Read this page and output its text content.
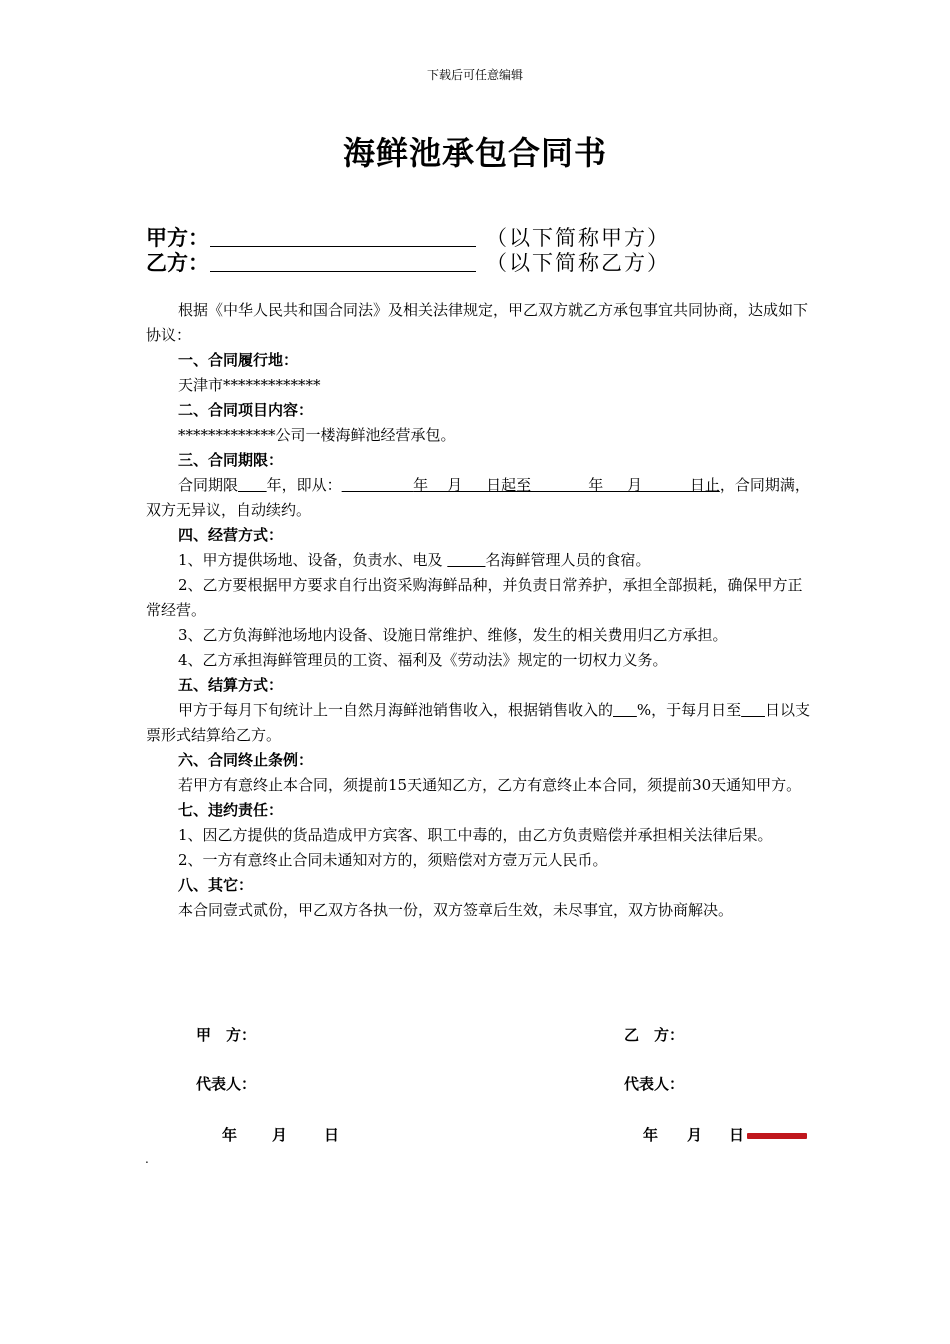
下载后可任意编辑
海鲜池承包合同书
甲方：	（以下简称甲方）
乙方：	（以下简称乙方）

根据《中华人民共和国合同法》及相关法律规定，甲乙双方就乙方承包事宜共同协商，达成如下协议：

一、合同履行地：

天津市*************

二、合同项目内容：

*************公司一楼海鲜池经营承包。

三、合同期限：

合同期限 年，即从：	年    月     日起至            年     月          日止，合同期满，双方无异议，自动续约。

四、经营方式：

1、甲方提供场地、设备，负责水、电及	名海鲜管理人员的食宿。

2、乙方要根据甲方要求自行出资采购海鲜品种，并负责日常养护，承担全部损耗，确保甲方正常经营。

3、乙方负海鲜池场地内设备、设施日常维护、维修，发生的相关费用归乙方承担。

4、乙方承担海鲜管理员的工资、福利及《劳动法》规定的一切权力义务。

五、结算方式：

甲方于每月下旬统计上一自然月海鲜池销售收入，根据销售收入的 %，于每月日至 日以支票形式结算给乙方。

六、合同终止条例：

若甲方有意终止本合同，须提前15天通知乙方，乙方有意终止本合同，须提前30天通知甲方。

七、违约责任：

1、因乙方提供的货品造成甲方宾客、职工中毒的，由乙方负责赔偿并承担相关法律后果。

2、一方有意终止合同未通知对方的，须赔偿对方壹万元人民币。

八、其它：

本合同壹式贰份，甲乙双方各执一份，双方签章后生效，未尽事宜，双方协商解决。

甲　方：	乙　方：
代表人：	代表人：
年 月 日	年 月 日
.
